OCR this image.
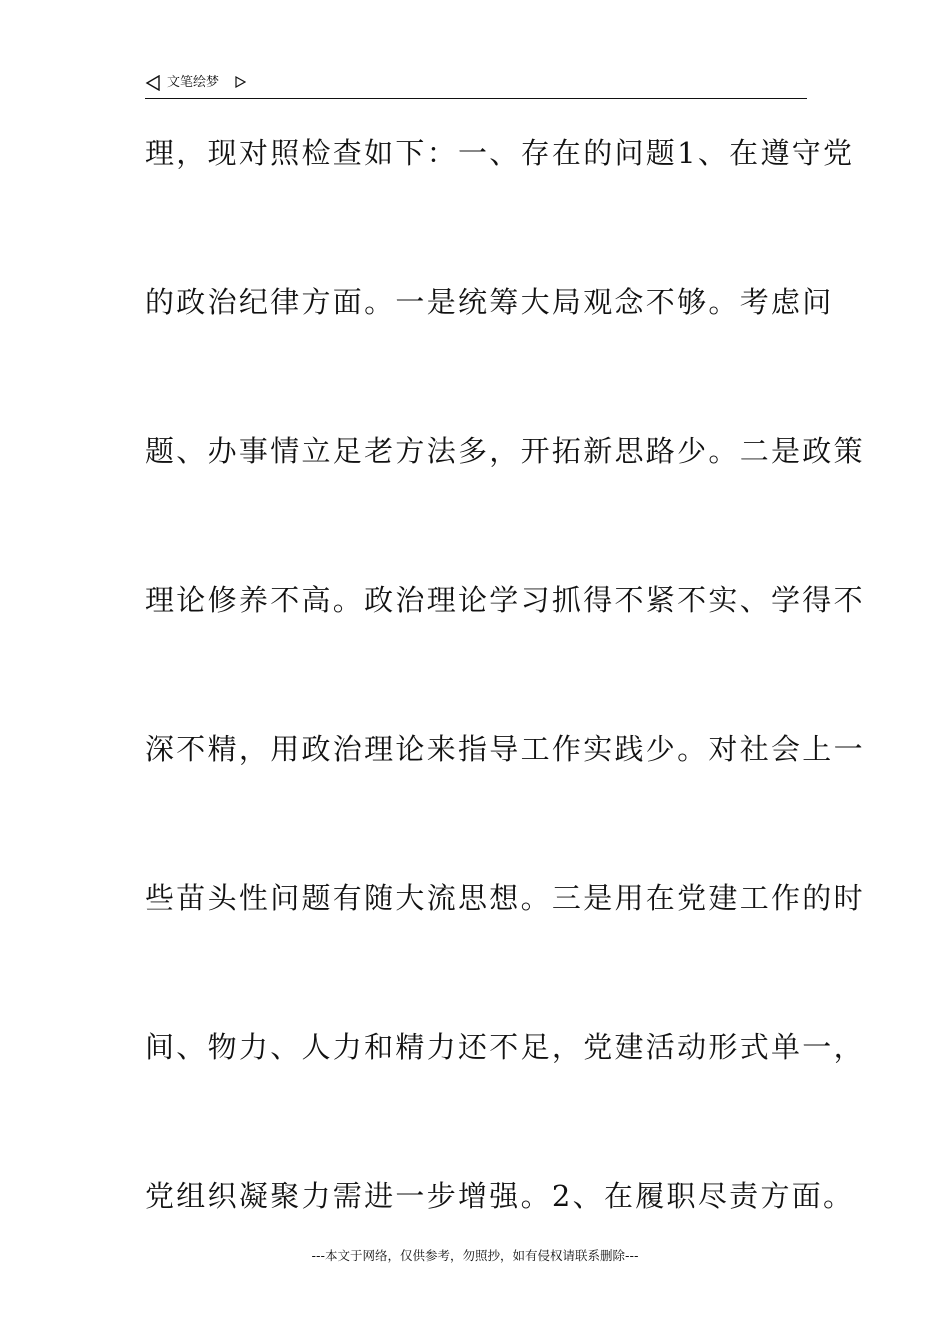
文笔绘梦
理，现对照检查如下：一、存在的问题1、在遵守党
的政治纪律方面。一是统筹大局观念不够。考虑问
题、办事情立足老方法多，开拓新思路少。二是政策
理论修养不高。政治理论学习抓得不紧不实、学得不
深不精，用政治理论来指导工作实践少。对社会上一
些苗头性问题有随大流思想。三是用在党建工作的时
间、物力、人力和精力还不足，党建活动形式单一，
党组织凝聚力需进一步增强。2、在履职尽责方面。
---本文于网络，仅供参考，勿照抄，如有侵权请联系删除---
